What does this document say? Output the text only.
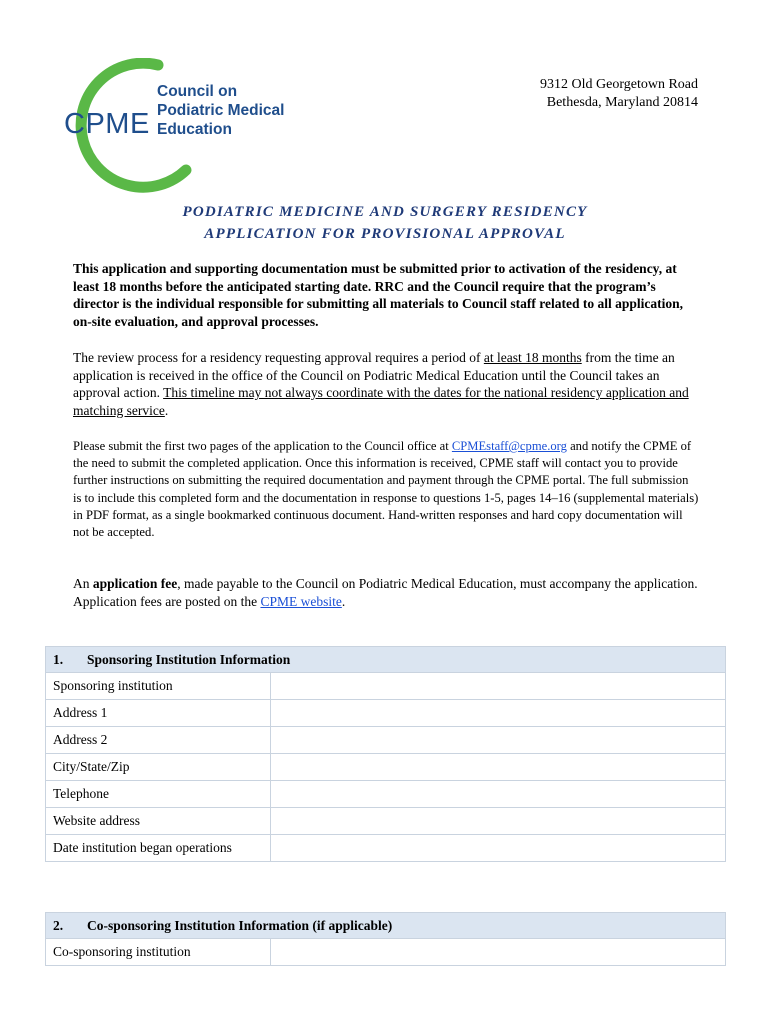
CPME
Council on
Podiatric Medical
Education
9312 Old Georgetown Road
Bethesda, Maryland 20814
PODIATRIC MEDICINE AND SURGERY RESIDENCY
APPLICATION FOR PROVISIONAL APPROVAL
This application and supporting documentation must be submitted prior to activation of the residency, at least 18 months before the anticipated starting date. RRC and the Council require that the program’s director is the individual responsible for submitting all materials to Council staff related to all application, on-site evaluation, and approval processes.
The review process for a residency requesting approval requires a period of at least 18 months from the time an application is received in the office of the Council on Podiatric Medical Education until the Council takes an approval action. This timeline may not always coordinate with the dates for the national residency application and matching service.
Please submit the first two pages of the application to the Council office at CPMEstaff@cpme.org and notify the CPME of the need to submit the completed application. Once this information is received, CPME staff will contact you to provide further instructions on submitting the required documentation and payment through the CPME portal. The full submission is to include this completed form and the documentation in response to questions 1-5, pages 14–16 (supplemental materials) in PDF format, as a single bookmarked continuous document. Hand-written responses and hard copy documentation will not be accepted.
An application fee, made payable to the Council on Podiatric Medical Education, must accompany the application. Application fees are posted on the CPME website.
1. Sponsoring Institution Information	
Sponsoring institution	
Address 1	
Address 2	
City/State/Zip	
Telephone	
Website address	
Date institution began operations	
2. Co-sponsoring Institution Information (if applicable)
Co-sponsoring institution	
